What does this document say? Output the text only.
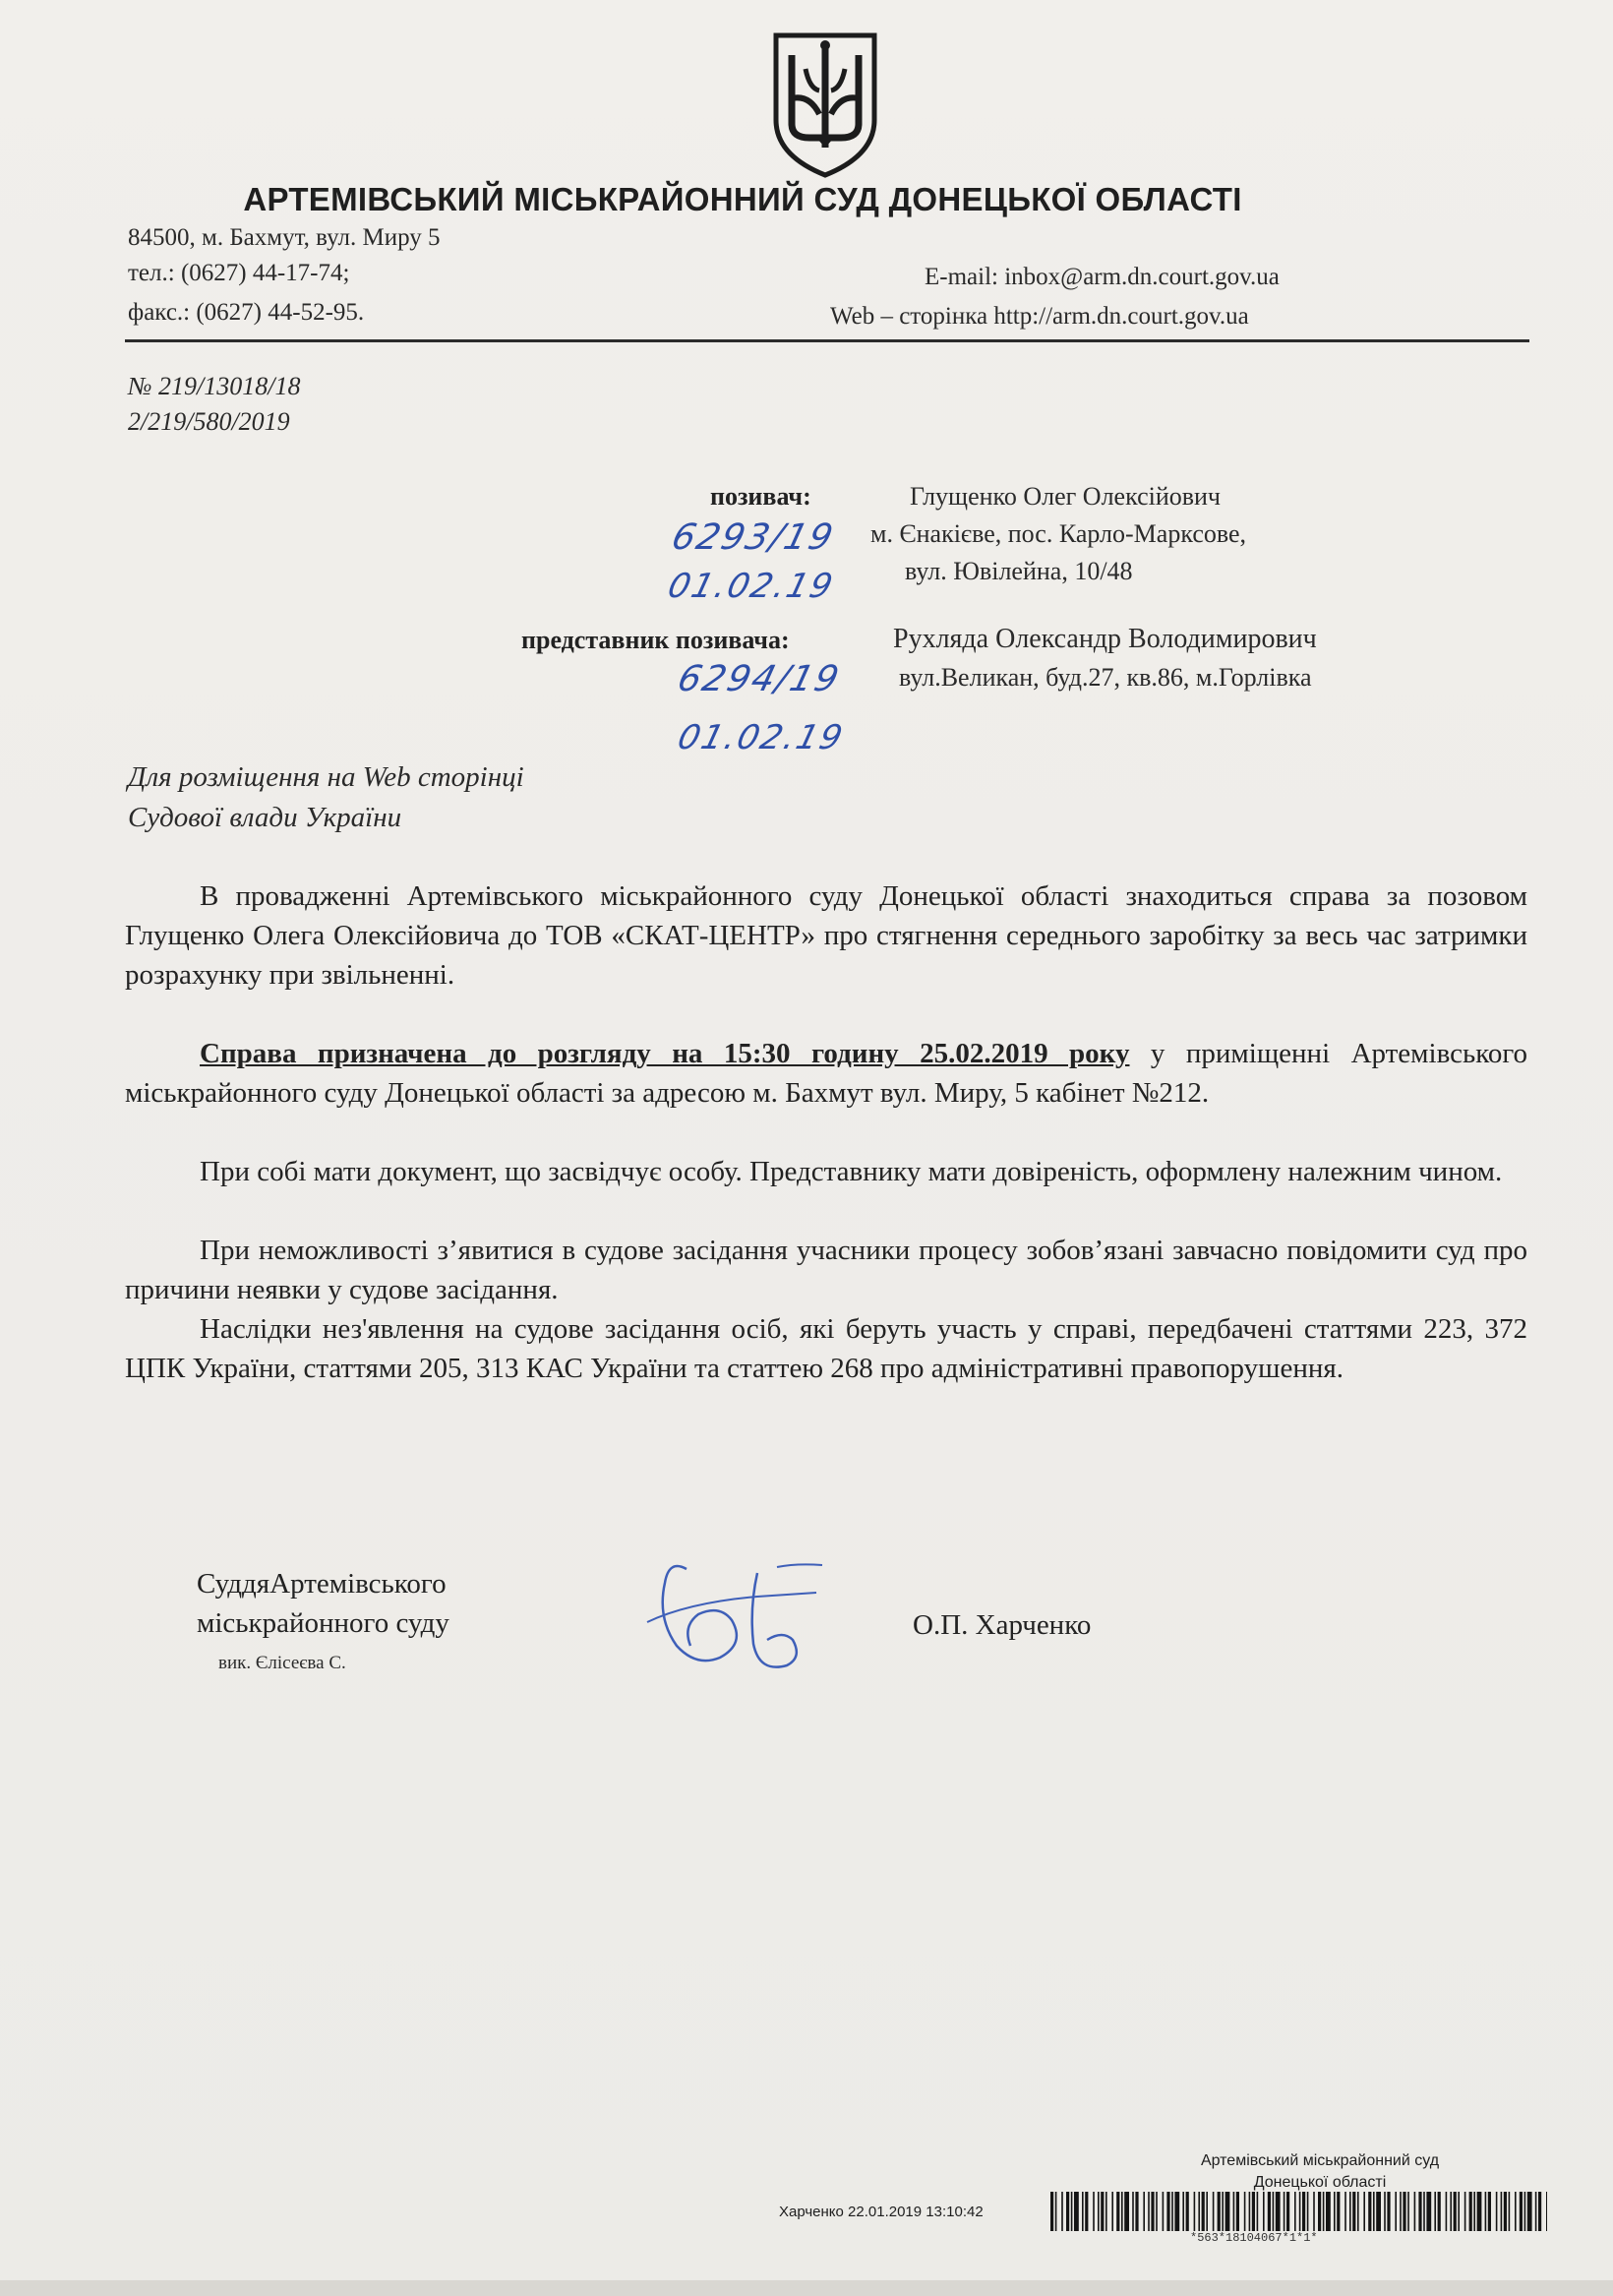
АРТЕМІВСЬКИЙ МІСЬКРАЙОННИЙ СУД ДОНЕЦЬКОЇ ОБЛАСТІ
84500, м. Бахмут, вул. Миру 5
тел.: (0627) 44-17-74;
факс.: (0627) 44-52-95.
E-mail: inbox@arm.dn.court.gov.ua
Web – сторінка http://arm.dn.court.gov.ua
№ 219/13018/18
2/219/580/2019
позивач:	Глущенко Олег Олексійович
м. Єнакієве, пос. Карло-Марксове,
вул. Ювілейна, 10/48
6293/19
01.02.19
представник позивача:	Рухляда Олександр Володимирович
вул.Великан, буд.27, кв.86, м.Горлівка
6294/19
01.02.19
Для розміщення на Web сторінці
Судової влади України
В провадженні Артемівського міськрайонного суду Донецької області знаходиться справа за позовом Глущенко Олега Олексійовича до ТОВ «СКАТ-ЦЕНТР» про стягнення середнього заробітку за весь час затримки розрахунку при звільненні.
Справа призначена до розгляду на 15:30 годину 25.02.2019 року у приміщенні Артемівського міськрайонного суду Донецької області за адресою м. Бахмут вул. Миру, 5 кабінет №212.
При собі мати документ, що засвідчує особу. Представнику мати довіреність, оформлену належним чином.
При неможливості з’явитися в судове засідання учасники процесу зобов’язані завчасно повідомити суд про причини неявки у судове засідання.
Наслідки нез'явлення на судове засідання осіб, які беруть участь у справі, передбачені статтями 223, 372 ЦПК України, статтями 205, 313 КАС України та статтею 268 про адміністративні правопорушення.
СуддяАртемівського
міськрайонного суду
вик. Єлісеєва С.
О.П. Харченко
Артемівський міськрайонний суд
Донецької області
Харченко 22.01.2019 13:10:42
*563*18104067*1*1*
